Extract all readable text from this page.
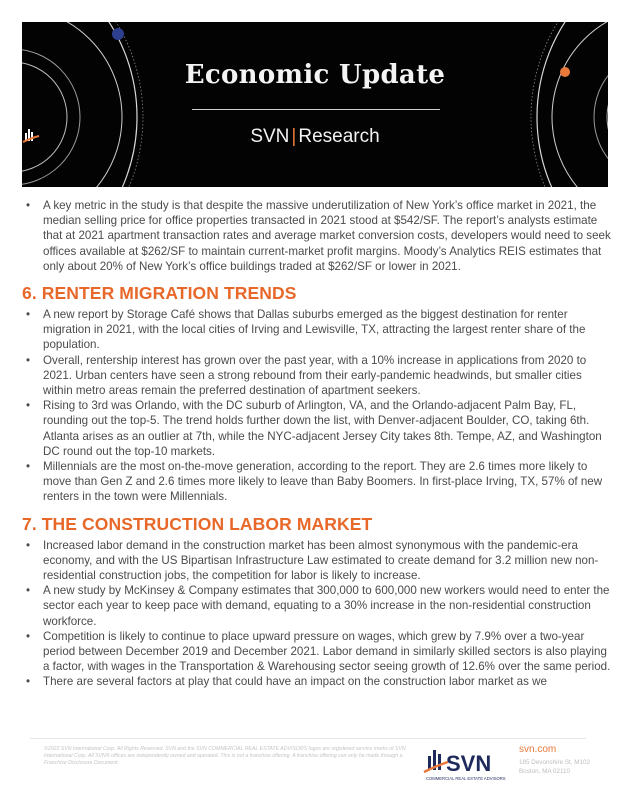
Economic Update
SVN | Research
• A key metric in the study is that despite the massive underutilization of New York’s office market in 2021, the median selling price for office properties transacted in 2021 stood at $542/SF. The report’s analysts estimate that at 2021 apartment transaction rates and average market conversion costs, developers would need to seek offices available at $262/SF to maintain current-market profit margins. Moody’s Analytics REIS estimates that only about 20% of New York’s office buildings traded at $262/SF or lower in 2021.
6. RENTER MIGRATION TRENDS
• A new report by Storage Café shows that Dallas suburbs emerged as the biggest destination for renter migration in 2021, with the local cities of Irving and Lewisville, TX, attracting the largest renter share of the population.
• Overall, rentership interest has grown over the past year, with a 10% increase in applications from 2020 to 2021. Urban centers have seen a strong rebound from their early-pandemic headwinds, but smaller cities within metro areas remain the preferred destination of apartment seekers.
• Rising to 3rd was Orlando, with the DC suburb of Arlington, VA, and the Orlando-adjacent Palm Bay, FL, rounding out the top-5. The trend holds further down the list, with Denver-adjacent Boulder, CO, taking 6th. Atlanta arises as an outlier at 7th, while the NYC-adjacent Jersey City takes 8th. Tempe, AZ, and Washington DC round out the top-10 markets.
• Millennials are the most on-the-move generation, according to the report. They are 2.6 times more likely to move than Gen Z and 2.6 times more likely to leave than Baby Boomers. In first-place Irving, TX, 57% of new renters in the town were Millennials.
7. THE CONSTRUCTION LABOR MARKET
• Increased labor demand in the construction market has been almost synonymous with the pandemic-era economy, and with the US Bipartisan Infrastructure Law estimated to create demand for 3.2 million new non-residential construction jobs, the competition for labor is likely to increase.
• A new study by McKinsey & Company estimates that 300,000 to 600,000 new workers would need to enter the sector each year to keep pace with demand, equating to a 30% increase in the non-residential construction workforce.
• Competition is likely to continue to place upward pressure on wages, which grew by 7.9% over a two-year period between December 2019 and December 2021. Labor demand in similarly skilled sectors is also playing a factor, with wages in the Transportation & Warehousing sector seeing growth of 12.6% over the same period.
• There are several factors at play that could have an impact on the construction labor market as we
©2022 SVN International Corp. All Rights Reserved. SVN and the SVN COMMERCIAL REAL ESTATE ADVISORS logos are registered service marks of SVN International Corp. All SVN® offices are independently owned and operated. This is not a franchise offering. A franchise offering can only be made through a Franchise Disclosure Document.	SVN
COMMERCIAL REAL ESTATE ADVISORS
svn.com
185 Devonshire St, M102
Boston, MA 02110
